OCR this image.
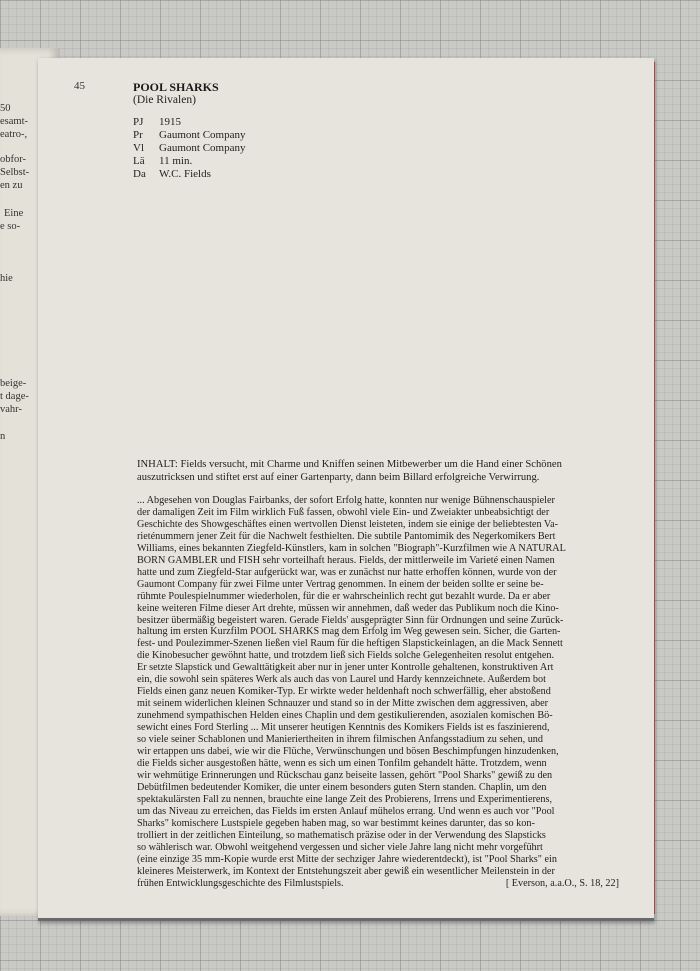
50
esamt-
eatro-,
obfor-
Selbst-
en zu
Eine
e so-
hie
beige-
t dage-
vahr-
n
45	POOL SHARKS
(Die Rivalen)
PJ	1915
Pr	Gaumont Company
Vl	Gaumont Company
Lä	11 min.
Da	W.C. Fields
INHALT: Fields versucht, mit Charme und Kniffen seinen Mitbewerber um die Hand einer Schönen
auszutricksen und stiftet erst auf einer Gartenparty, dann beim Billard erfolgreiche Verwirrung.
... Abgesehen von Douglas Fairbanks, der sofort Erfolg hatte, konnten nur wenige Bühnenschauspieler
der damaligen Zeit im Film wirklich Fuß fassen, obwohl viele Ein- und Zweiakter unbeabsichtigt der
Geschichte des Showgeschäftes einen wertvollen Dienst leisteten, indem sie einige der beliebtesten Va-
rieténummern jener Zeit für die Nachwelt festhielten. Die subtile Pantomimik des Negerkomikers Bert
Williams, eines bekannten Ziegfeld-Künstlers, kam in solchen "Biograph"-Kurzfilmen wie A NATURAL
BORN GAMBLER und FISH sehr vorteilhaft heraus. Fields, der mittlerweile im Varieté einen Namen
hatte und zum Ziegfeld-Star aufgerückt war, was er zunächst nur hatte erhoffen können, wurde von der
Gaumont Company für zwei Filme unter Vertrag genommen. In einem der beiden sollte er seine be-
rühmte Poulespielnummer wiederholen, für die er wahrscheinlich recht gut bezahlt wurde. Da er aber
keine weiteren Filme dieser Art drehte, müssen wir annehmen, daß weder das Publikum noch die Kino-
besitzer übermäßig begeistert waren. Gerade Fields' ausgeprägter Sinn für Ordnungen und seine Zurück-
haltung im ersten Kurzfilm POOL SHARKS mag dem Erfolg im Weg gewesen sein. Sicher, die Garten-
fest- und Poulezimmer-Szenen ließen viel Raum für die heftigen Slapstickeinlagen, an die Mack Sennett
die Kinobesucher gewöhnt hatte, und trotzdem ließ sich Fields solche Gelegenheiten resolut entgehen.
Er setzte Slapstick und Gewalttätigkeit aber nur in jener unter Kontrolle gehaltenen, konstruktiven Art
ein, die sowohl sein späteres Werk als auch das von Laurel und Hardy kennzeichnete. Außerdem bot
Fields einen ganz neuen Komiker-Typ. Er wirkte weder heldenhaft noch schwerfällig, eher abstoßend
mit seinem widerlichen kleinen Schnauzer und stand so in der Mitte zwischen dem aggressiven, aber
zunehmend sympathischen Helden eines Chaplin und dem gestikulierenden, asozialen komischen Bö-
sewicht eines Ford Sterling ... Mit unserer heutigen Kenntnis des Komikers Fields ist es faszinierend,
so viele seiner Schablonen und Manieriertheiten in ihrem filmischen Anfangsstadium zu sehen, und
wir ertappen uns dabei, wie wir die Flüche, Verwünschungen und bösen Beschimpfungen hinzudenken,
die Fields sicher ausgestoßen hätte, wenn es sich um einen Tonfilm gehandelt hätte. Trotzdem, wenn
wir wehmütige Erinnerungen und Rückschau ganz beiseite lassen, gehört "Pool Sharks" gewiß zu den
Debütfilmen bedeutender Komiker, die unter einem besonders guten Stern standen. Chaplin, um den
spektakulärsten Fall zu nennen, brauchte eine lange Zeit des Probierens, Irrens und Experimentierens,
um das Niveau zu erreichen, das Fields im ersten Anlauf mühelos errang. Und wenn es auch vor "Pool
Sharks" komischere Lustspiele gegeben haben mag, so war bestimmt keines darunter, das so kon-
trolliert in der zeitlichen Einteilung, so mathematisch präzise oder in der Verwendung des Slapsticks
so wählerisch war. Obwohl weitgehend vergessen und sicher viele Jahre lang nicht mehr vorgeführt
(eine einzige 35 mm-Kopie wurde erst Mitte der sechziger Jahre wiederentdeckt), ist "Pool Sharks" ein
kleineres Meisterwerk, im Kontext der Entstehungszeit aber gewiß ein wesentlicher Meilenstein in der
frühen Entwicklungsgeschichte des Filmlustspiels.	[ Everson, a.a.O., S. 18, 22]
